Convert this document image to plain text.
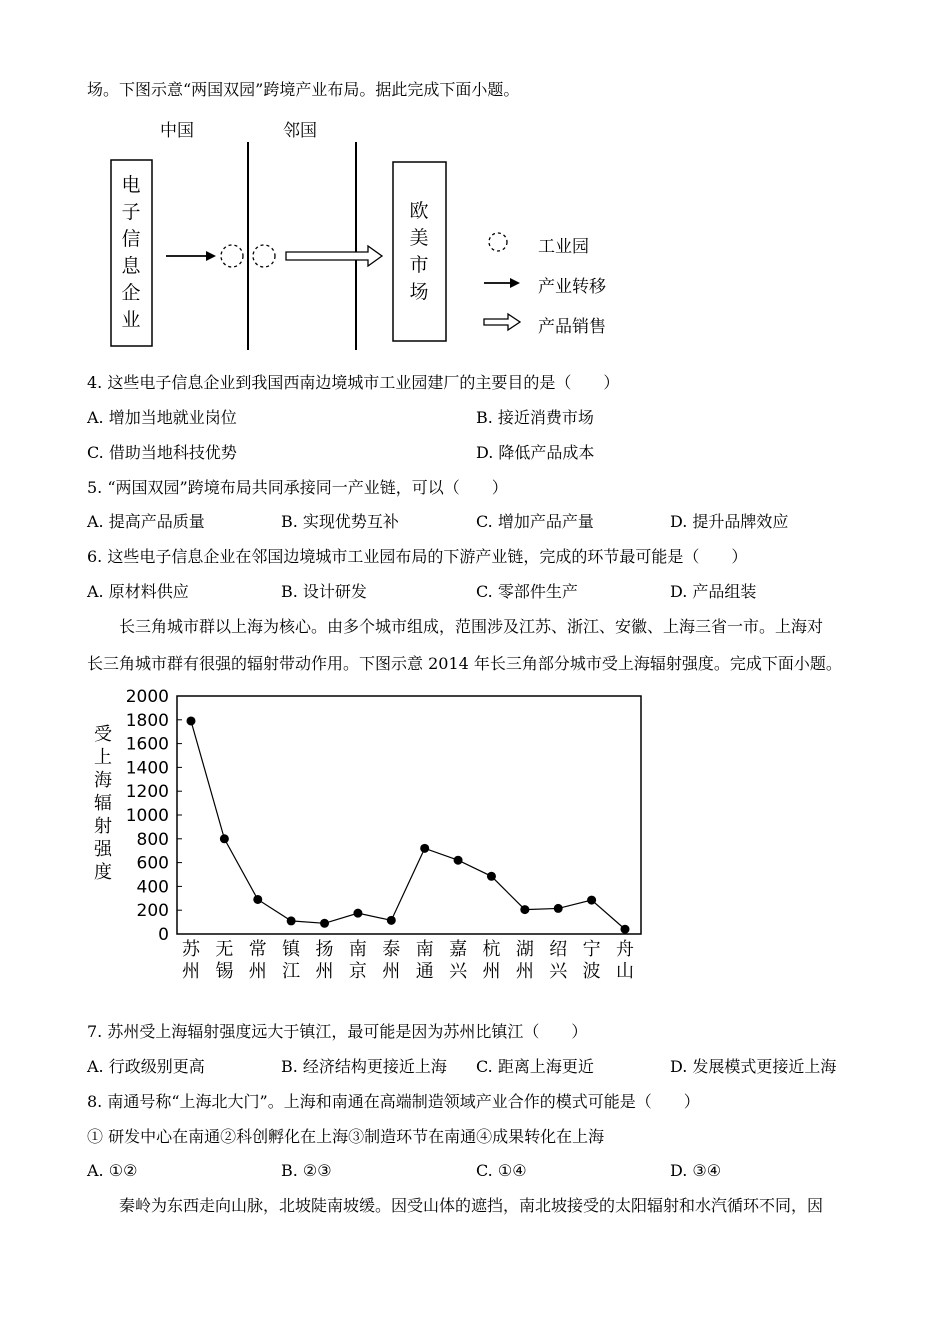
场。下图示意“两国双园”跨境产业布局。据此完成下面小题。
中国	邻国
电
子
信
息
企
业
欧
美
市
场
工业园
产业转移
产品销售
4. 这些电子信息企业到我国西南边境城市工业园建厂的主要目的是（　　）
A. 增加当地就业岗位	B. 接近消费市场
C. 借助当地科技优势	D. 降低产品成本
5. “两国双园”跨境布局共同承接同一产业链，可以（　　）
A. 提高产品质量	B. 实现优势互补	C. 增加产品产量	D. 提升品牌效应
6. 这些电子信息企业在邻国边境城市工业园布局的下游产业链，完成的环节最可能是（　　）
A. 原材料供应	B. 设计研发	C. 零部件生产	D. 产品组装
长三角城市群以上海为核心。由多个城市组成，范围涉及江苏、浙江、安徽、上海三省一市。上海对
长三角城市群有很强的辐射带动作用。下图示意 2014 年长三角部分城市受上海辐射强度。完成下面小题。
0
200
400
600
800
1000
1200
1400
1600
1800
2000
受
上
海
辐
射
强
度
苏
州
无
锡
常
州
镇
江
扬
州
南
京
泰
州
南
通
嘉
兴
杭
州
湖
州
绍
兴
宁
波
舟
山
7. 苏州受上海辐射强度远大于镇江，最可能是因为苏州比镇江（　　）
A. 行政级别更高	B. 经济结构更接近上海 C. 距离上海更近	D. 发展模式更接近上海
8. 南通号称“上海北大门”。上海和南通在高端制造领域产业合作的模式可能是（　　）
① 研发中心在南通②科创孵化在上海③制造环节在南通④成果转化在上海
A. ①②	B. ②③	C. ①④	D. ③④
秦岭为东西走向山脉，北坡陡南坡缓。因受山体的遮挡，南北坡接受的太阳辐射和水汽循环不同，因
